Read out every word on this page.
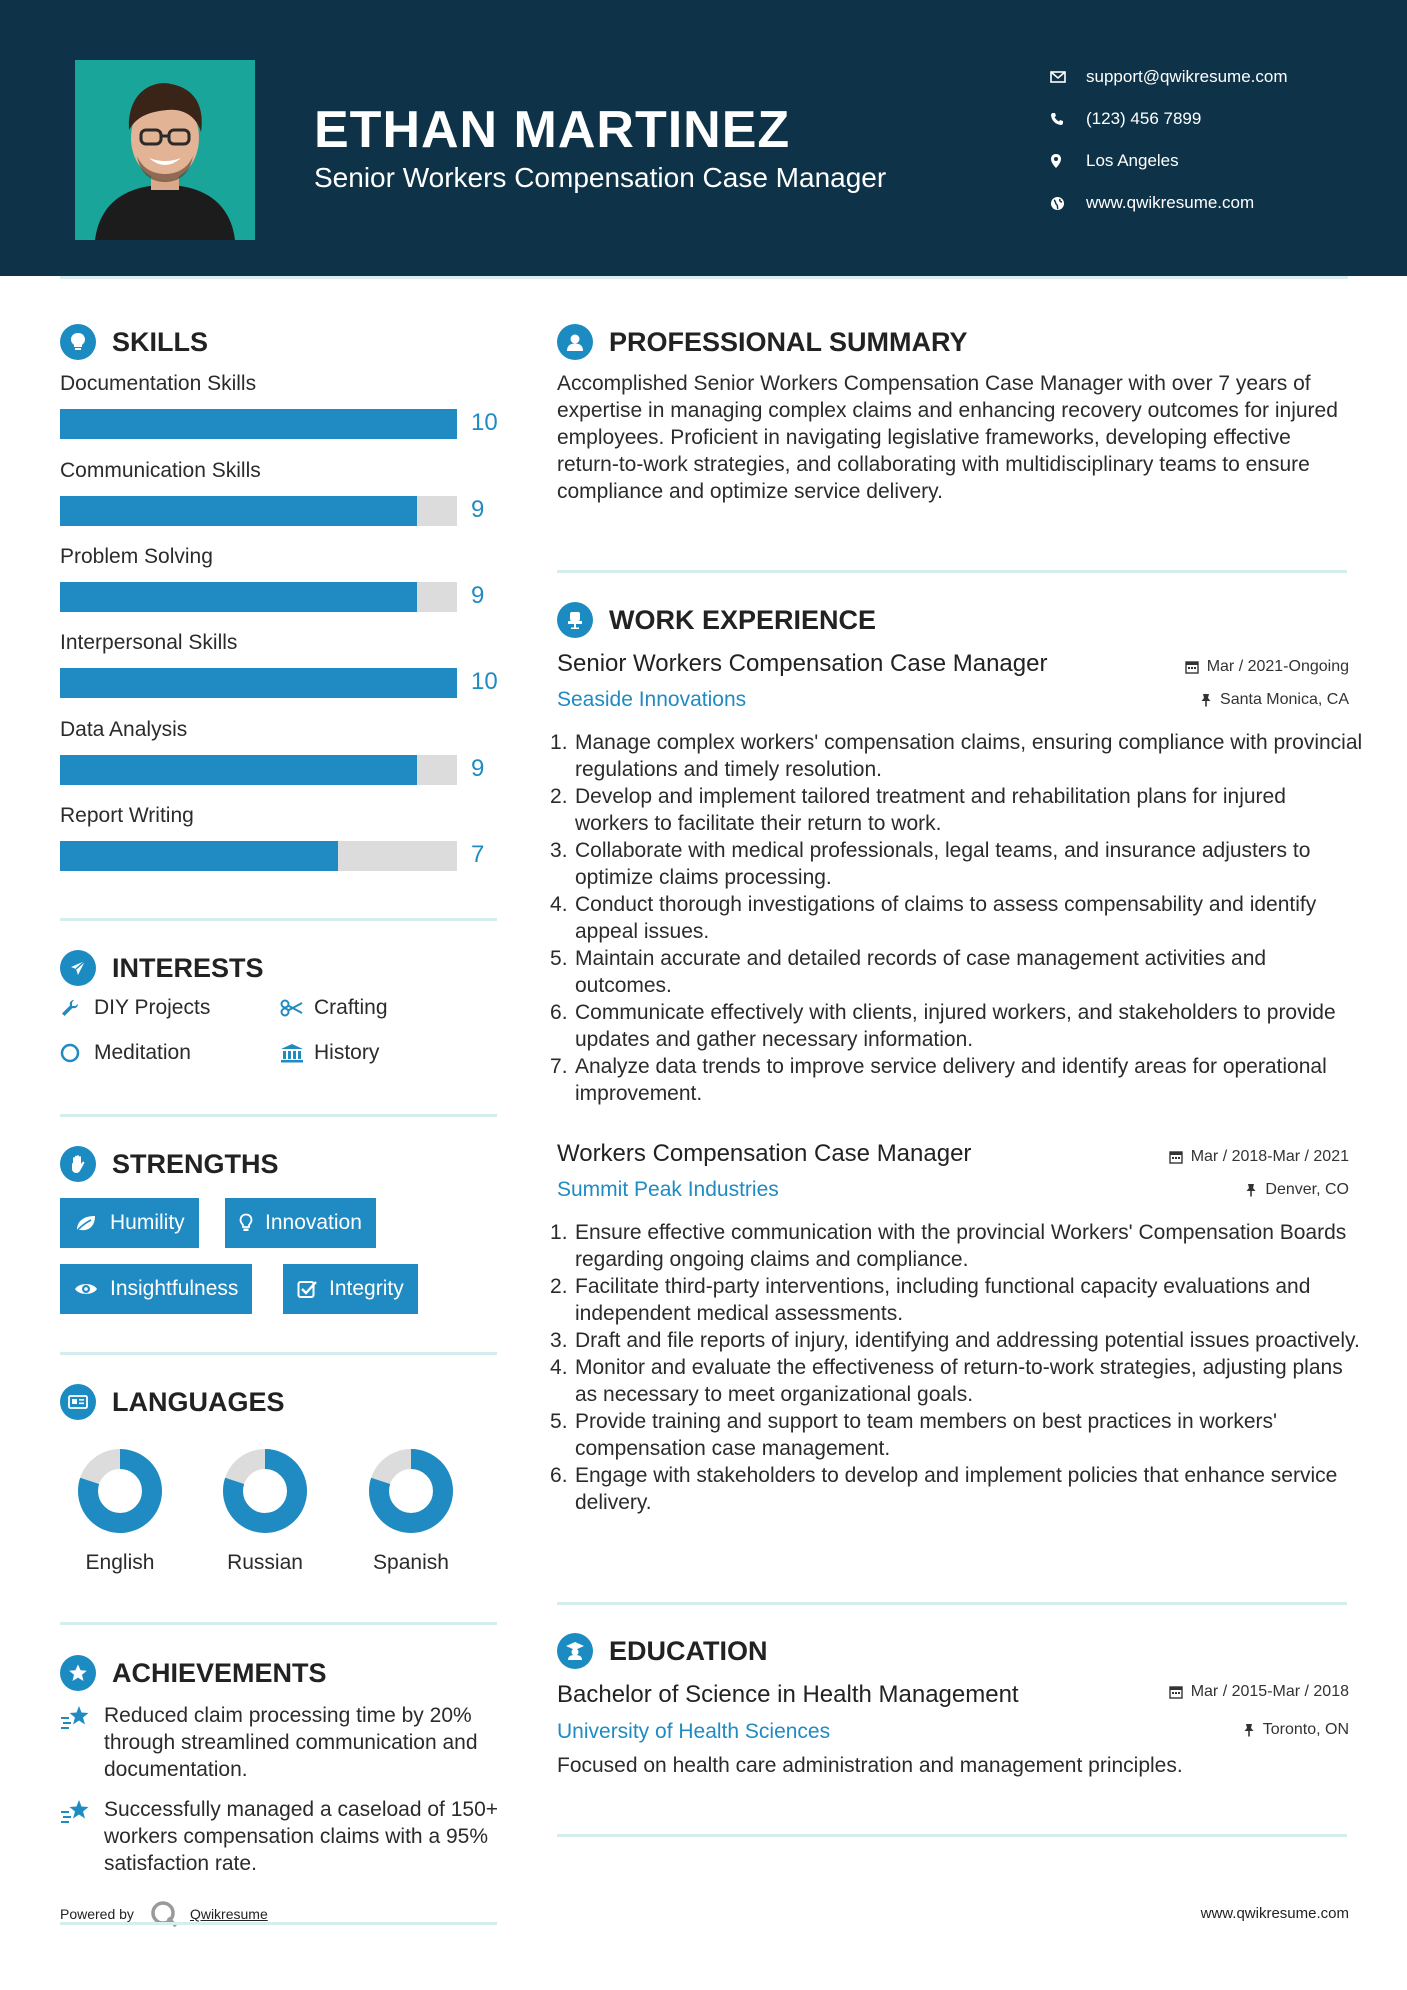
ETHAN MARTINEZ
Senior Workers Compensation Case Manager
support@qwikresume.com
(123) 456 7899
Los Angeles
www.qwikresume.com
SKILLS
Documentation Skills
10
Communication Skills
9
Problem Solving
9
Interpersonal Skills
10
Data Analysis
9
Report Writing
7
INTERESTS
DIY Projects	Crafting
Meditation	History
STRENGTHS
Humility	Innovation
Insightfulness	Integrity
LANGUAGES
English	Russian	Spanish
ACHIEVEMENTS
Reduced claim processing time by 20% through streamlined communication and documentation.
Successfully managed a caseload of 150+ workers compensation claims with a 95% satisfaction rate.
Powered by	Qwikresume	www.qwikresume.com
PROFESSIONAL SUMMARY
Accomplished Senior Workers Compensation Case Manager with over 7 years of expertise in managing complex claims and enhancing recovery outcomes for injured employees. Proficient in navigating legislative frameworks, developing effective return-to-work strategies, and collaborating with multidisciplinary teams to ensure compliance and optimize service delivery.
WORK EXPERIENCE
Senior Workers Compensation Case Manager	Mar / 2021-Ongoing
Seaside Innovations	Santa Monica, CA
Manage complex workers' compensation claims, ensuring compliance with provincial regulations and timely resolution.
Develop and implement tailored treatment and rehabilitation plans for injured workers to facilitate their return to work.
Collaborate with medical professionals, legal teams, and insurance adjusters to optimize claims processing.
Conduct thorough investigations of claims to assess compensability and identify appeal issues.
Maintain accurate and detailed records of case management activities and outcomes.
Communicate effectively with clients, injured workers, and stakeholders to provide updates and gather necessary information.
Analyze data trends to improve service delivery and identify areas for operational improvement.
Workers Compensation Case Manager	Mar / 2018-Mar / 2021
Summit Peak Industries	Denver, CO
Ensure effective communication with the provincial Workers' Compensation Boards regarding ongoing claims and compliance.
Facilitate third-party interventions, including functional capacity evaluations and independent medical assessments.
Draft and file reports of injury, identifying and addressing potential issues proactively.
Monitor and evaluate the effectiveness of return-to-work strategies, adjusting plans as necessary to meet organizational goals.
Provide training and support to team members on best practices in workers' compensation case management.
Engage with stakeholders to develop and implement policies that enhance service delivery.
EDUCATION
Bachelor of Science in Health Management	Mar / 2015-Mar / 2018
University of Health Sciences	Toronto, ON
Focused on health care administration and management principles.
